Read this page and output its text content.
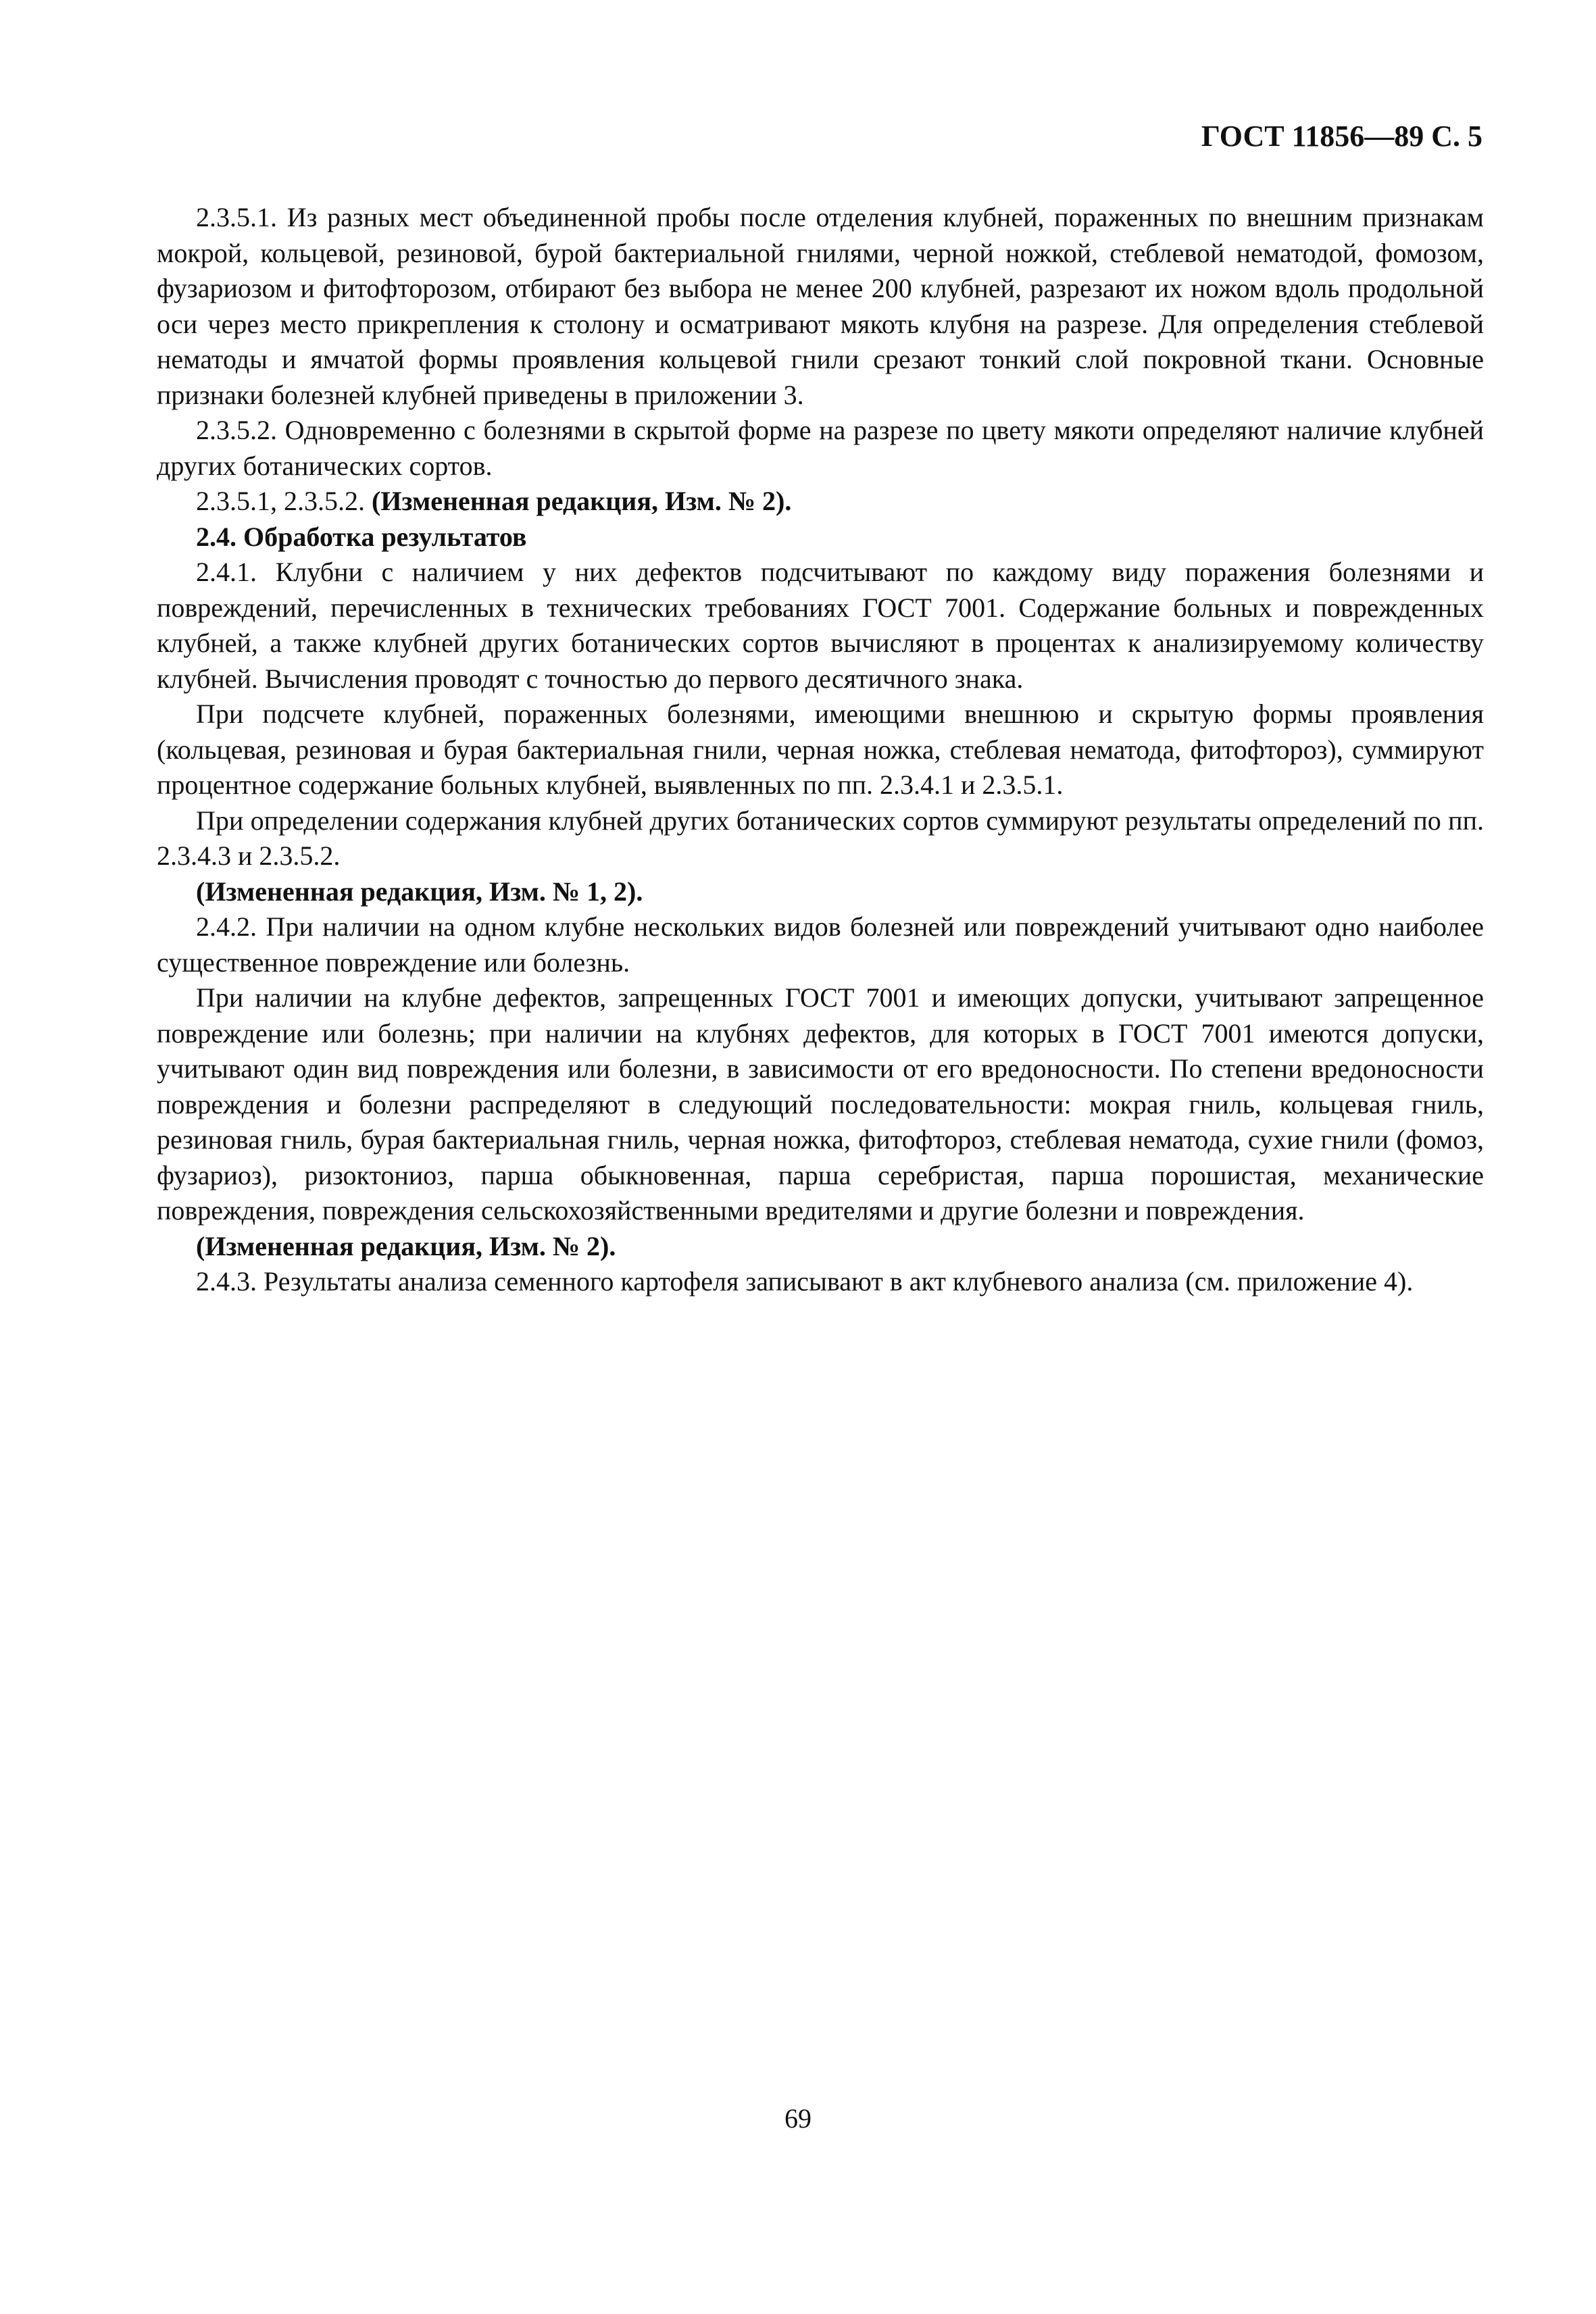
ГОСТ 11856—89 С. 5

2.3.5.1. Из разных мест объединенной пробы после отделения клубней, пораженных по внешним признакам мокрой, кольцевой, резиновой, бурой бактериальной гнилями, черной ножкой, стеблевой нематодой, фомозом, фузариозом и фитофторозом, отбирают без выбора не менее 200 клубней, разрезают их ножом вдоль продольной оси через место прикрепления к столону и осматривают мякоть клубня на разрезе. Для определения стеблевой нематоды и ямчатой формы проявления кольцевой гнили срезают тонкий слой покровной ткани. Основные признаки болезней клубней приведены в приложении 3.

2.3.5.2. Одновременно с болезнями в скрытой форме на разрезе по цвету мякоти определяют наличие клубней других ботанических сортов.

2.3.5.1, 2.3.5.2. (Измененная редакция, Изм. № 2).

2.4. Обработка результатов

2.4.1. Клубни с наличием у них дефектов подсчитывают по каждому виду поражения болезнями и повреждений, перечисленных в технических требованиях ГОСТ 7001. Содержание больных и поврежденных клубней, а также клубней других ботанических сортов вычисляют в процентах к анализируемому количеству клубней. Вычисления проводят с точностью до первого десятичного знака.

При подсчете клубней, пораженных болезнями, имеющими внешнюю и скрытую формы проявления (кольцевая, резиновая и бурая бактериальная гнили, черная ножка, стеблевая нематода, фитофтороз), суммируют процентное содержание больных клубней, выявленных по пп. 2.3.4.1 и 2.3.5.1.

При определении содержания клубней других ботанических сортов суммируют результаты определений по пп. 2.3.4.3 и 2.3.5.2.

(Измененная редакция, Изм. № 1, 2).

2.4.2. При наличии на одном клубне нескольких видов болезней или повреждений учитывают одно наиболее существенное повреждение или болезнь.

При наличии на клубне дефектов, запрещенных ГОСТ 7001 и имеющих допуски, учитывают запрещенное повреждение или болезнь; при наличии на клубнях дефектов, для которых в ГОСТ 7001 имеются допуски, учитывают один вид повреждения или болезни, в зависимости от его вредоносности. По степени вредоносности повреждения и болезни распределяют в следующий последовательности: мокрая гниль, кольцевая гниль, резиновая гниль, бурая бактериальная гниль, черная ножка, фитофтороз, стеблевая нематода, сухие гнили (фомоз, фузариоз), ризоктониоз, парша обыкновенная, парша серебристая, парша порошистая, механические повреждения, повреждения сельскохозяйственными вредителями и другие болезни и повреждения.

(Измененная редакция, Изм. № 2).

2.4.3. Результаты анализа семенного картофеля записывают в акт клубневого анализа (см. приложение 4).

69
